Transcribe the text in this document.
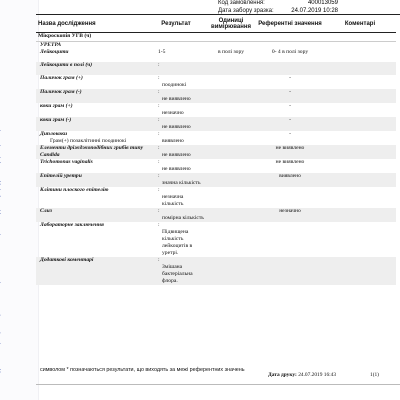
Код замовлення:	400013059
Дата забору зразка:	24.07.2019 10:28
Назва дослідження	Результат	Одиниці вимірювання	Референтні значення	Коментарі
Мікроскопія УГВ (ч)				
УРЕТРА				
Лейкоцити	1-5	в полі зору	0- 4 в полі зору	
Лейкоцити в полі (ч)	:			
Паличок грам (+)	:
поодинокі		-	
Паличок грам (-)	:
не виявлено		-	
коки грам (+)	:
незначно		-	
коки грам (-)	:
не виявлено		-	
Диплококи
Грам(+) позаклітинні поодинокі	:
виявлено		-	
Елементи дріжджоподібних грибів типу Candida	:
не виявлено		не виявлено	
Trichomonas vaginalis	:
не виявлено		не виявлено	
Епітелій уретри	:
значна кількість		виявлено	
Клітини плоского епітелію	:
незначна кількість			

Слиз	:
помірна кількість		незначно	
Лабораторне заключення	:
Підвищена кількість лейкоцитів в уретрі.			

Додаткові коментарі	:
Змішана бактеріальна флора.			

символом * позначаються результати, що виходять за межі референтних значень
Дата друку: 24.07.2019 16:43	1(1)
